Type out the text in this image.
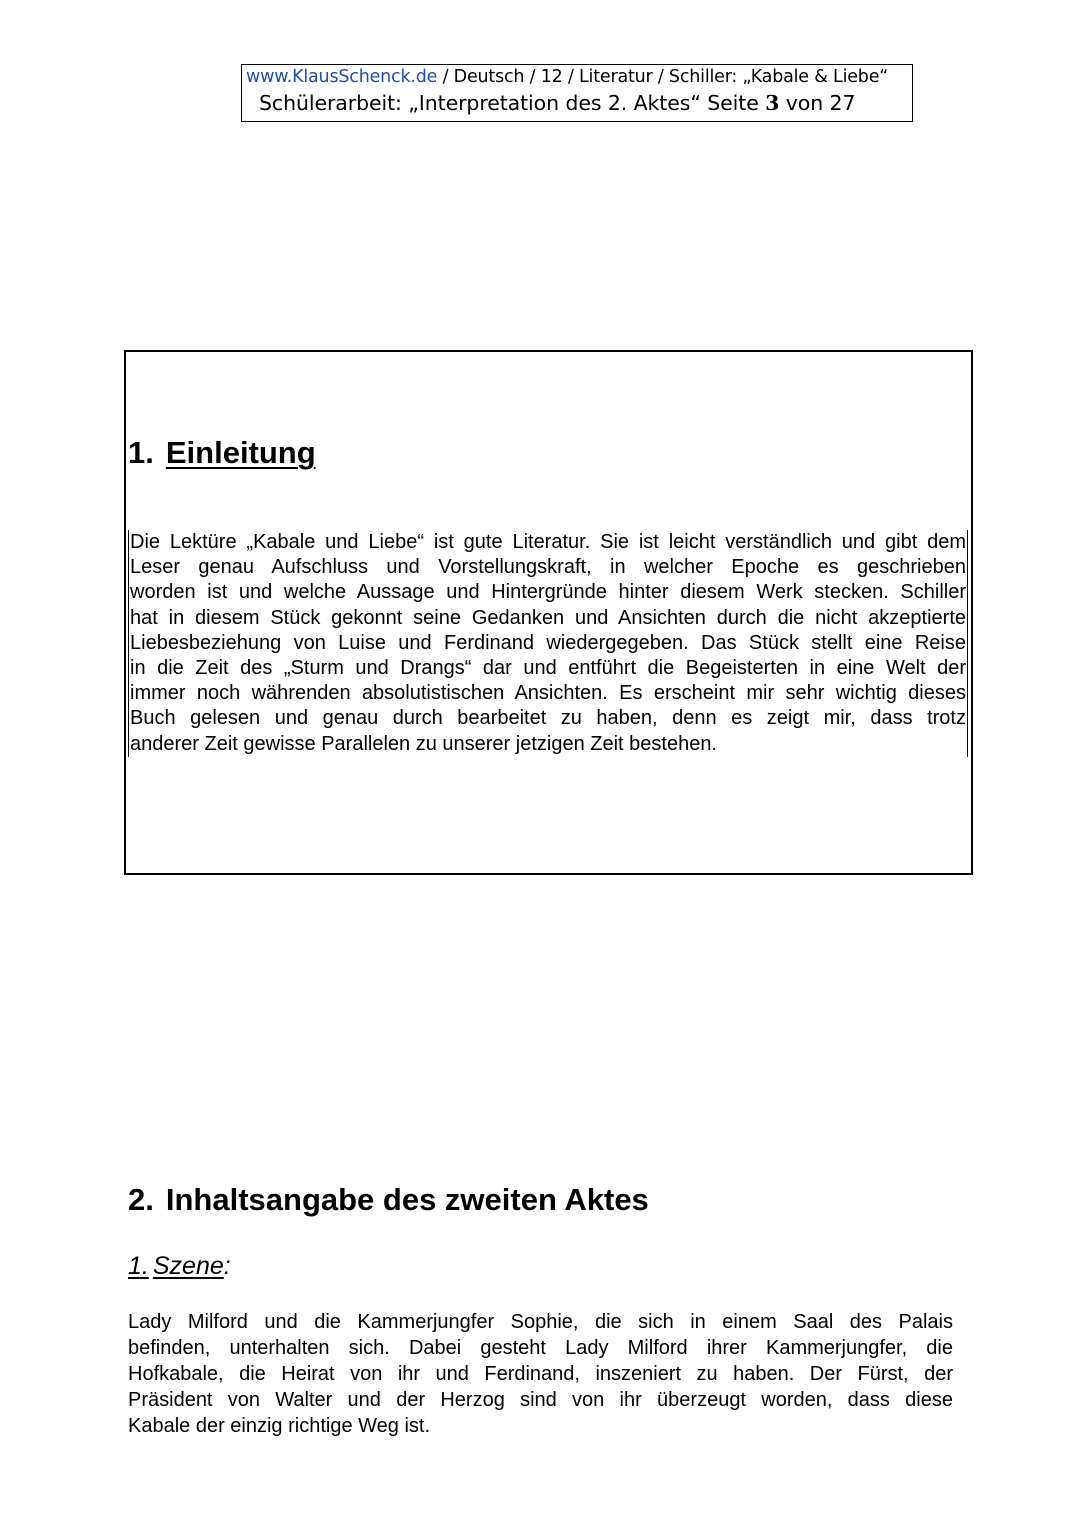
www.KlausSchenck.de / Deutsch / 12 / Literatur / Schiller: „Kabale & Liebe“
Schülerarbeit: „Interpretation des 2. Aktes“ Seite 3 von 27
1. Einleitung
Die Lektüre „Kabale und Liebe“ ist gute Literatur. Sie ist leicht verständlich und gibt dem
Leser genau Aufschluss und Vorstellungskraft, in welcher Epoche es geschrieben
worden ist und welche Aussage und Hintergründe hinter diesem Werk stecken. Schiller
hat in diesem Stück gekonnt seine Gedanken und Ansichten durch die nicht akzeptierte
Liebesbeziehung von Luise und Ferdinand wiedergegeben. Das Stück stellt eine Reise
in die Zeit des „Sturm und Drangs“ dar und entführt die Begeisterten in eine Welt der
immer noch währenden absolutistischen Ansichten. Es erscheint mir sehr wichtig dieses
Buch gelesen und genau durch bearbeitet zu haben, denn es zeigt mir, dass trotz
anderer Zeit gewisse Parallelen zu unserer jetzigen Zeit bestehen.
2. Inhaltsangabe des zweiten Aktes
1. Szene:
Lady Milford und die Kammerjungfer Sophie, die sich in einem Saal des Palais
befinden, unterhalten sich. Dabei gesteht Lady Milford ihrer Kammerjungfer, die
Hofkabale, die Heirat von ihr und Ferdinand, inszeniert zu haben. Der Fürst, der
Präsident von Walter und der Herzog sind von ihr überzeugt worden, dass diese
Kabale der einzig richtige Weg ist.
